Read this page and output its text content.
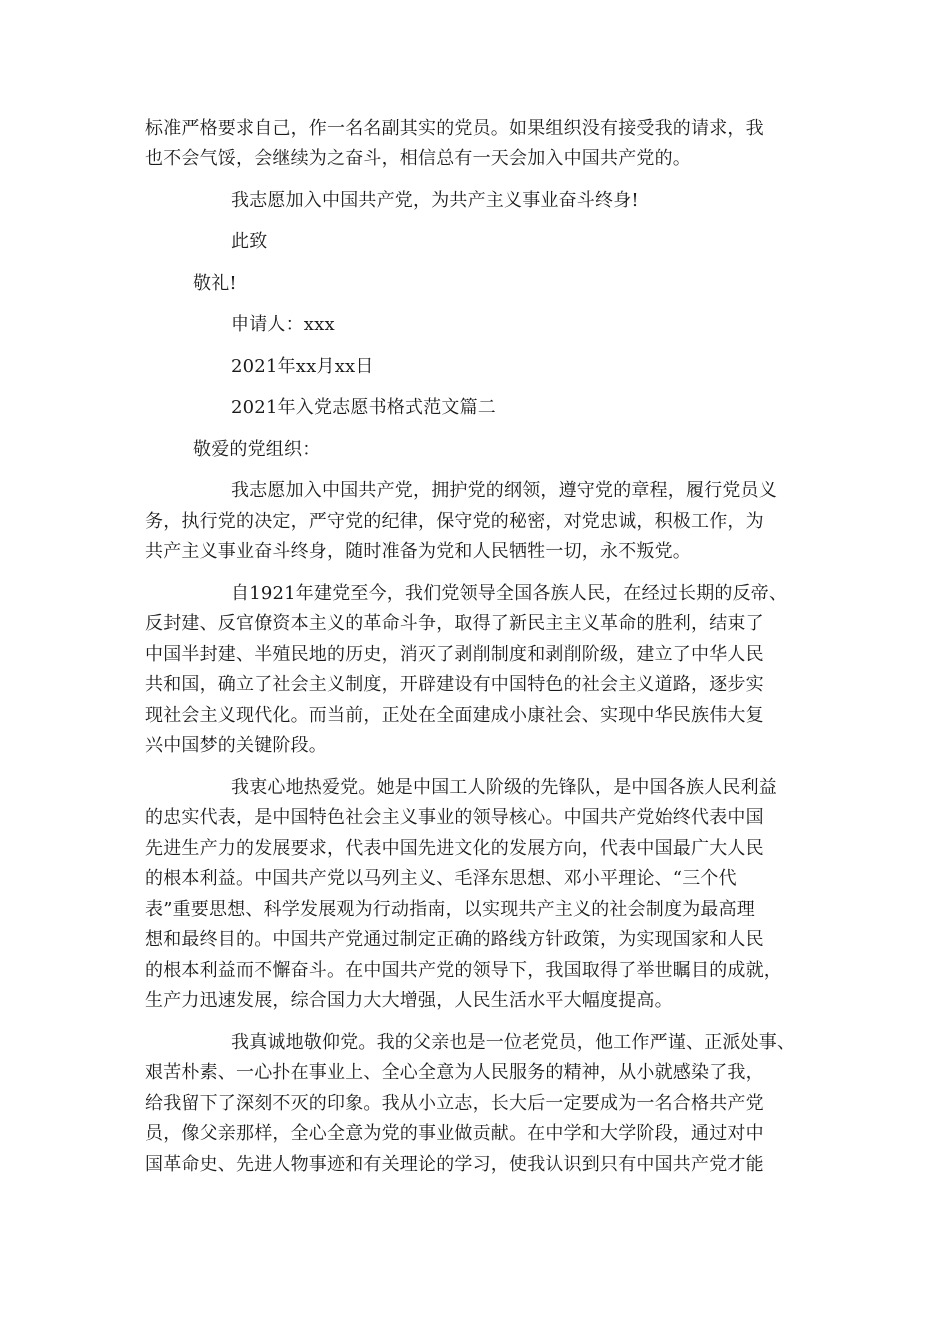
标准严格要求自己，作一名名副其实的党员。如果组织没有接受我的请求，我
也不会气馁，会继续为之奋斗，相信总有一天会加入中国共产党的。
我志愿加入中国共产党，为共产主义事业奋斗终身!
此致
敬礼!
申请人：xxx
2021年xx月xx日
2021年入党志愿书格式范文篇二
敬爱的党组织：
我志愿加入中国共产党，拥护党的纲领，遵守党的章程，履行党员义
务，执行党的决定，严守党的纪律，保守党的秘密，对党忠诚，积极工作，为
共产主义事业奋斗终身，随时准备为党和人民牺牲一切，永不叛党。
自1921年建党至今，我们党领导全国各族人民，在经过长期的反帝、
反封建、反官僚资本主义的革命斗争，取得了新民主主义革命的胜利，结束了
中国半封建、半殖民地的历史，消灭了剥削制度和剥削阶级，建立了中华人民
共和国，确立了社会主义制度，开辟建设有中国特色的社会主义道路，逐步实
现社会主义现代化。而当前，正处在全面建成小康社会、实现中华民族伟大复
兴中国梦的关键阶段。
我衷心地热爱党。她是中国工人阶级的先锋队，是中国各族人民利益
的忠实代表，是中国特色社会主义事业的领导核心。中国共产党始终代表中国
先进生产力的发展要求，代表中国先进文化的发展方向，代表中国最广大人民
的根本利益。中国共产党以马列主义、毛泽东思想、邓小平理论、“三个代
表”重要思想、科学发展观为行动指南，以实现共产主义的社会制度为最高理
想和最终目的。中国共产党通过制定正确的路线方针政策，为实现国家和人民
的根本利益而不懈奋斗。在中国共产党的领导下，我国取得了举世瞩目的成就，
生产力迅速发展，综合国力大大增强，人民生活水平大幅度提高。
我真诚地敬仰党。我的父亲也是一位老党员，他工作严谨、正派处事、
艰苦朴素、一心扑在事业上、全心全意为人民服务的精神，从小就感染了我，
给我留下了深刻不灭的印象。我从小立志，长大后一定要成为一名合格共产党
员，像父亲那样，全心全意为党的事业做贡献。在中学和大学阶段，通过对中
国革命史、先进人物事迹和有关理论的学习，使我认识到只有中国共产党才能
